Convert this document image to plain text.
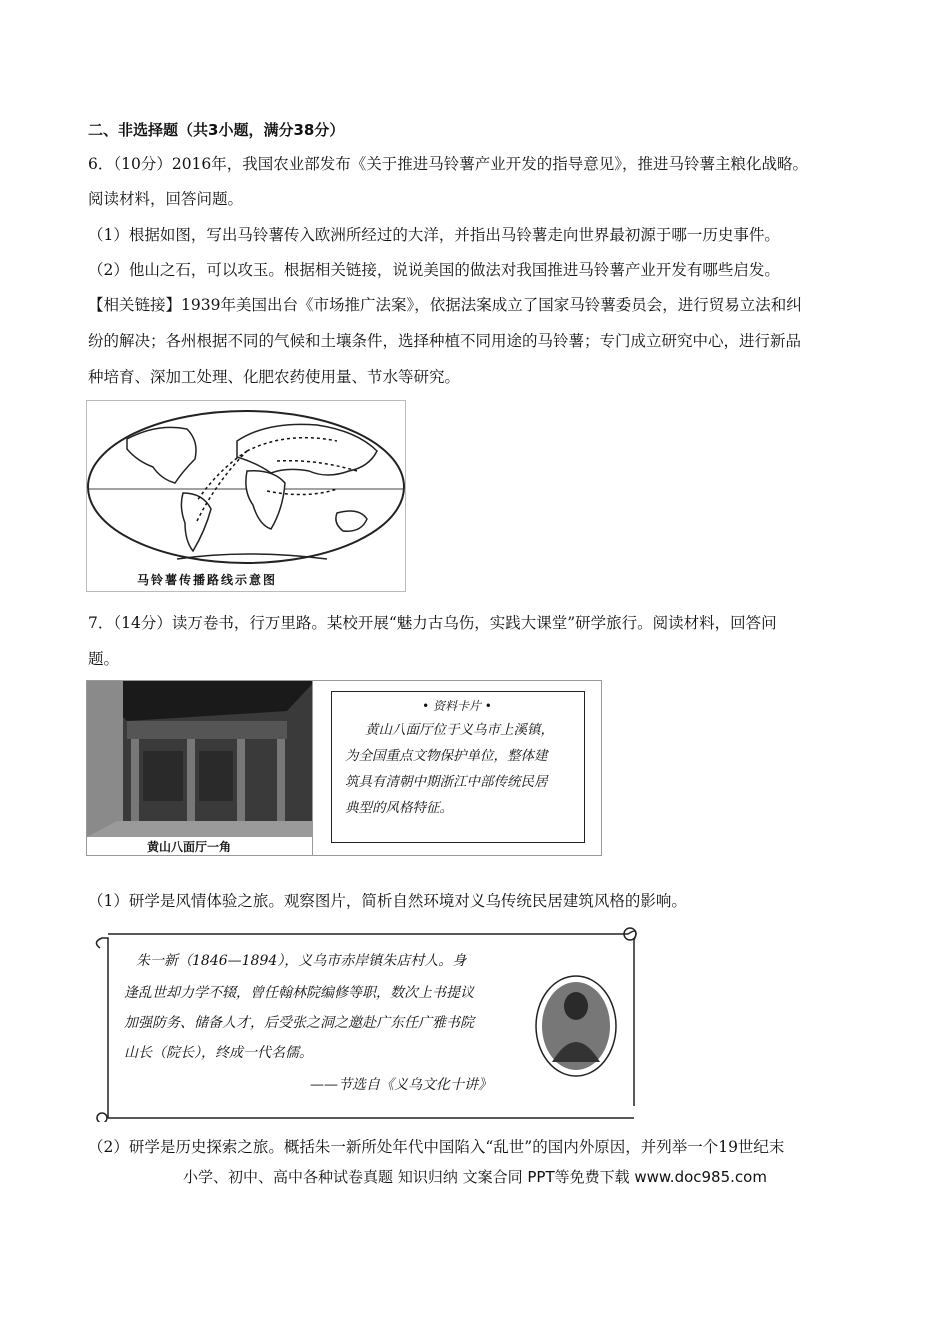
二、非选择题（共3小题，满分38分）
6．（10分）2016年，我国农业部发布《关于推进马铃薯产业开发的指导意见》，推进马铃薯主粮化战略。
阅读材料，回答问题。
（1）根据如图，写出马铃薯传入欧洲所经过的大洋，并指出马铃薯走向世界最初源于哪一历史事件。
（2）他山之石，可以攻玉。根据相关链接，说说美国的做法对我国推进马铃薯产业开发有哪些启发。
【相关链接】1939年美国出台《市场推广法案》，依据法案成立了国家马铃薯委员会，进行贸易立法和纠
纷的解决；各州根据不同的气候和土壤条件，选择种植不同用途的马铃薯；专门成立研究中心，进行新品
种培育、深加工处理、化肥农药使用量、节水等研究。
马铃薯传播路线示意图
7．（14分）读万卷书，行万里路。某校开展“魅力古乌伤，实践大课堂”研学旅行。阅读材料，回答问
题。
黄山八面厅一角
• 资料卡片 •
黄山八面厅位于义乌市上溪镇，
为全国重点文物保护单位，整体建
筑具有清朝中期浙江中部传统民居
典型的风格特征。
（1）研学是风情体验之旅。观察图片，简析自然环境对义乌传统民居建筑风格的影响。
朱一新（1846—1894），义乌市赤岸镇朱店村人。身
逢乱世却力学不辍，曾任翰林院编修等职，数次上书提议
加强防务、储备人才，后受张之洞之邀赴广东任广雅书院
山长（院长），终成一代名儒。
——节选自《义乌文化十讲》
（2）研学是历史探索之旅。概括朱一新所处年代中国陷入“乱世”的国内外原因，并列举一个19世纪末
小学、初中、高中各种试卷真题 知识归纳 文案合同 PPT等免费下载 www.doc985.com
